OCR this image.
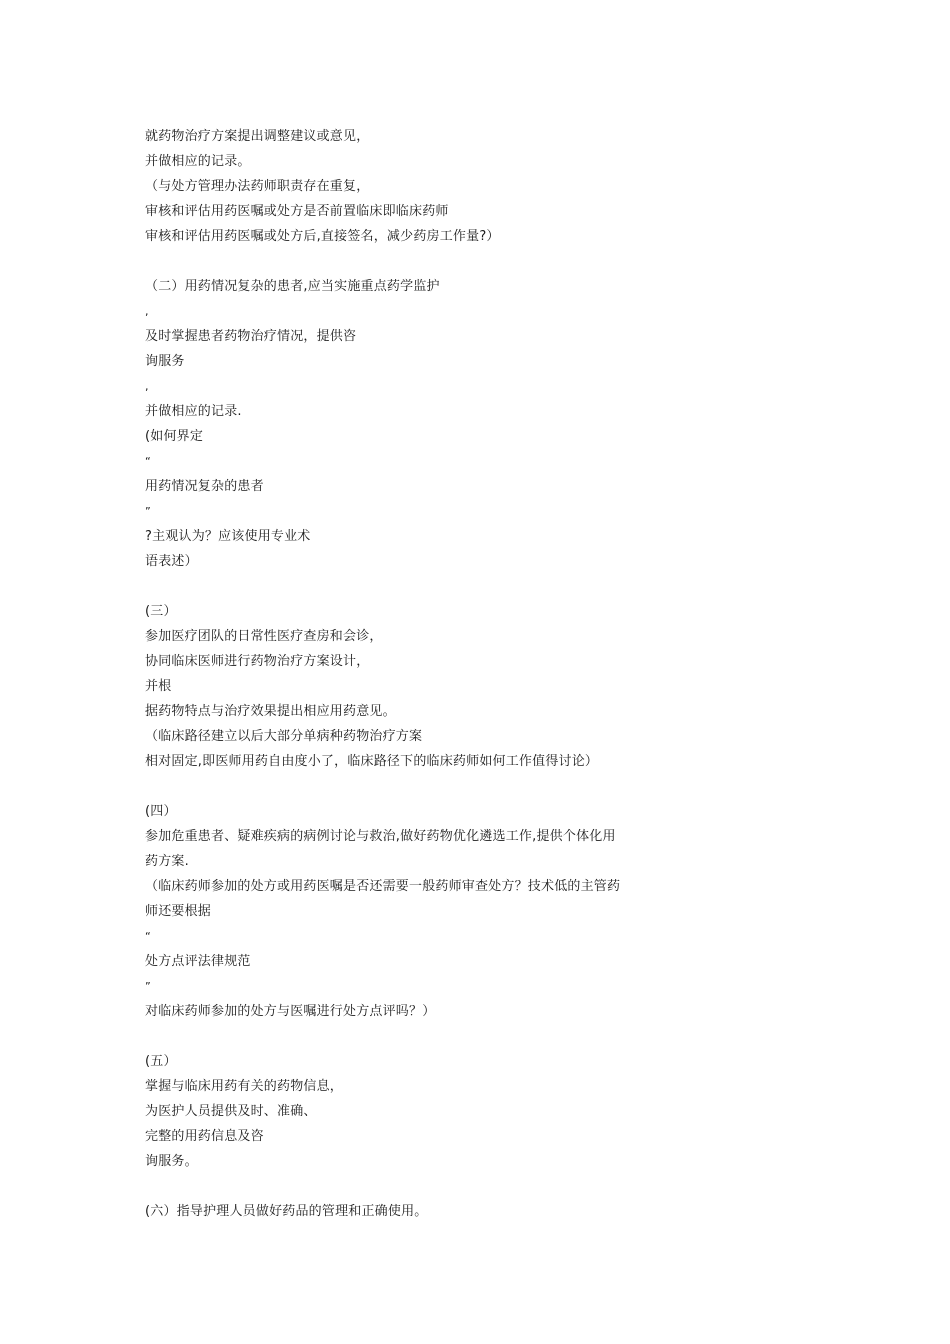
就药物治疗方案提出调整建议或意见，
并做相应的记录。
（与处方管理办法药师职责存在重复，
审核和评估用药医嘱或处方是否前置临床即临床药师
审核和评估用药医嘱或处方后,直接签名，减少药房工作量?）
（二）用药情况复杂的患者,应当实施重点药学监护
,
及时掌握患者药物治疗情况，提供咨
询服务
,
并做相应的记录.
(如何界定
“
用药情况复杂的患者
”
?主观认为？应该使用专业术
语表述）
(三）
参加医疗团队的日常性医疗查房和会诊，
协同临床医师进行药物治疗方案设计，
并根
据药物特点与治疗效果提出相应用药意见。
（临床路径建立以后大部分单病种药物治疗方案
相对固定,即医师用药自由度小了，临床路径下的临床药师如何工作值得讨论）
(四）
参加危重患者、疑难疾病的病例讨论与救治,做好药物优化遴选工作,提供个体化用
药方案.
（临床药师参加的处方或用药医嘱是否还需要一般药师审查处方？技术低的主管药
师还要根据
“
处方点评法律规范
”
对临床药师参加的处方与医嘱进行处方点评吗？）
(五）
掌握与临床用药有关的药物信息，
为医护人员提供及时、准确、
完整的用药信息及咨
询服务。
(六）指导护理人员做好药品的管理和正确使用。
